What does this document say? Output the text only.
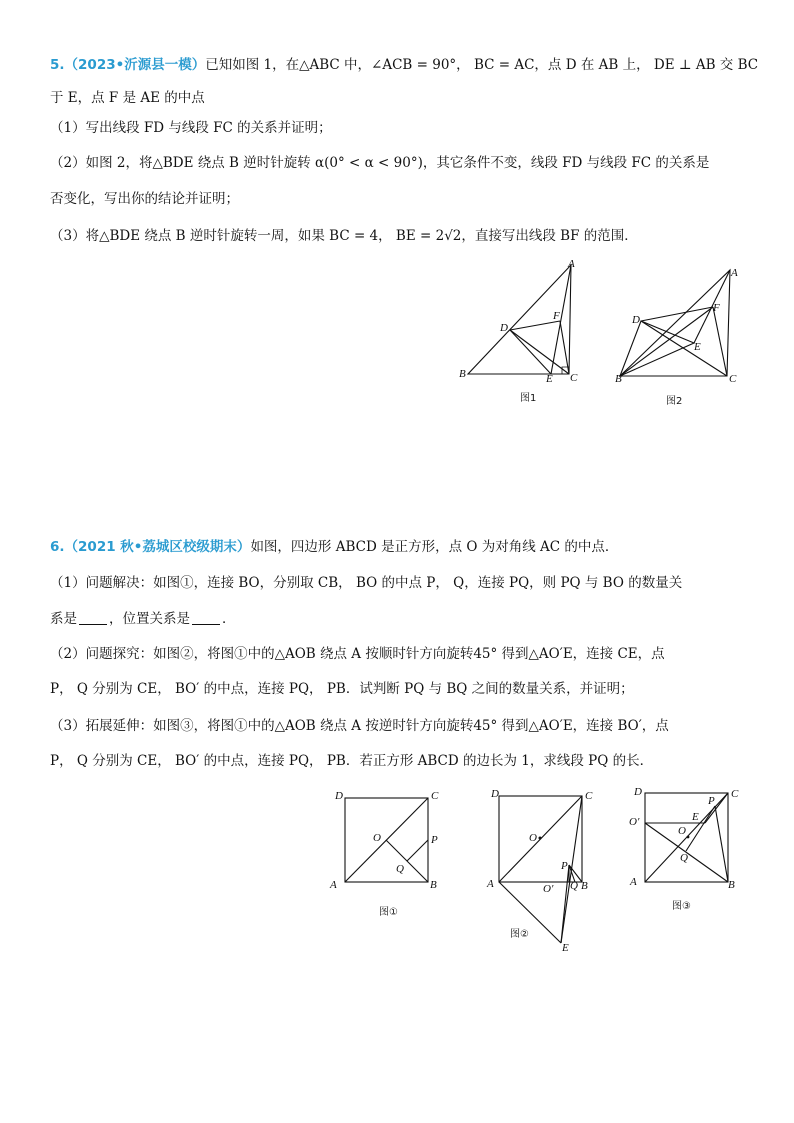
5.（2023•沂源县一模）已知如图 1，在△ABC 中，∠ACB = 90°， BC = AC，点 D 在 AB 上， DE ⊥ AB 交 BC
于 E，点 F 是 AE 的中点
（1）写出线段 FD 与线段 FC 的关系并证明；
（2）如图 2，将△BDE 绕点 B 逆时针旋转 α(0° < α < 90°)，其它条件不变，线段 FD 与线段 FC 的关系是
否变化，写出你的结论并证明；
（3）将△BDE 绕点 B 逆时针旋转一周，如果 BC = 4， BE = 2√2，直接写出线段 BF 的范围．
A
B	C
D
E
F
图1
A
B	C
D
E
F
图2
6.（2021 秋•荔城区校级期末）如图，四边形 ABCD 是正方形，点 O 为对角线 AC 的中点．
（1）问题解决：如图①，连接 BO，分别取 CB， BO 的中点 P， Q，连接 PQ，则 PQ 与 BO 的数量关
系是 ，位置关系是 ．
（2）问题探究：如图②，将图①中的△AOB 绕点 A 按顺时针方向旋转45° 得到△AO′E，连接 CE，点
P， Q 分别为 CE， BO′ 的中点，连接 PQ， PB．试判断 PQ 与 BQ 之间的数量关系，并证明；
（3）拓展延伸：如图③，将图①中的△AOB 绕点 A 按逆时针方向旋转45° 得到△AO′E，连接 BO′，点
P， Q 分别为 CE， BO′ 的中点，连接 PQ， PB．若正方形 ABCD 的边长为 1，求线段 PQ 的长．
D	C
A	B
O	P
Q
图①
D	C
A	B
O
O′
P
Q
E
图②
D	C
A	B
O′	E
O
P
Q
图③
